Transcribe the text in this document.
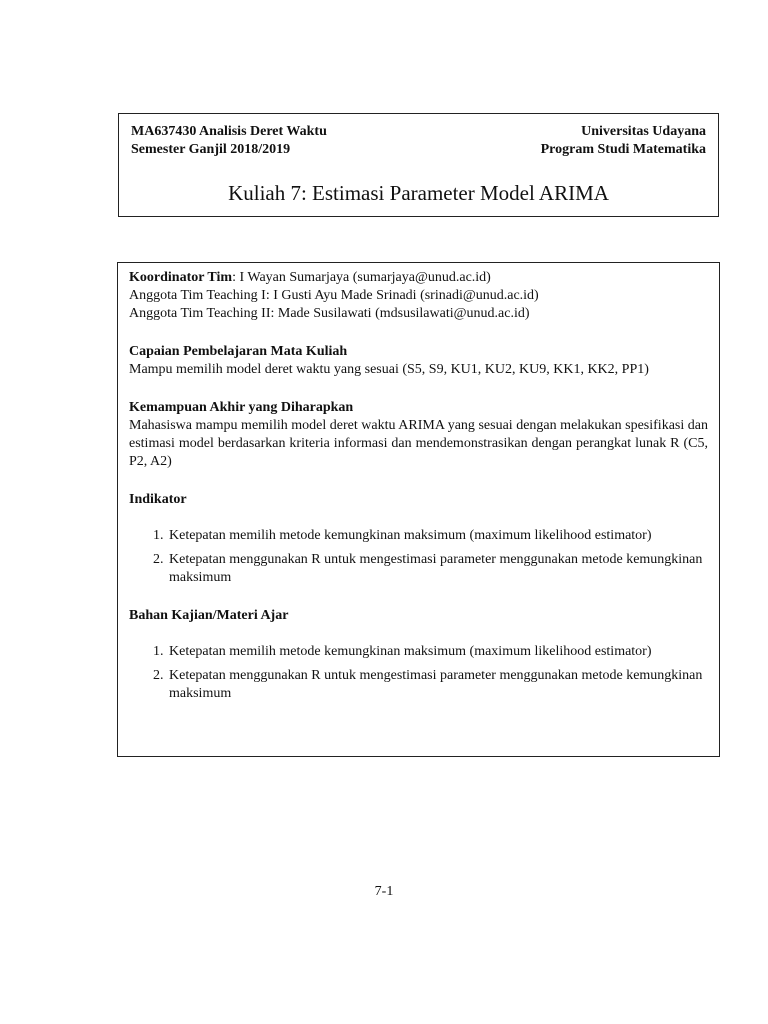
MA637430 Analisis Deret Waktu	Universitas Udayana
Semester Ganjil 2018/2019	Program Studi Matematika
Kuliah 7: Estimasi Parameter Model ARIMA

Koordinator Tim: I Wayan Sumarjaya (sumarjaya@unud.ac.id)

Anggota Tim Teaching I: I Gusti Ayu Made Srinadi (srinadi@unud.ac.id)

Anggota Tim Teaching II: Made Susilawati (mdsusilawati@unud.ac.id)

Capaian Pembelajaran Mata Kuliah

Mampu memilih model deret waktu yang sesuai (S5, S9, KU1, KU2, KU9, KK1, KK2, PP1)

Kemampuan Akhir yang Diharapkan

Mahasiswa mampu memilih model deret waktu ARIMA yang sesuai dengan melakukan spesifikasi dan estimasi model berdasarkan kriteria informasi dan mendemonstrasikan dengan perangkat lunak R (C5, P2, A2)

Indikator

1. Ketepatan memilih metode kemungkinan maksimum (maximum likelihood estimator)
2. Ketepatan menggunakan R untuk mengestimasi parameter menggunakan metode kemungkinan maksimum

Bahan Kajian/Materi Ajar

1. Ketepatan memilih metode kemungkinan maksimum (maximum likelihood estimator)
2. Ketepatan menggunakan R untuk mengestimasi parameter menggunakan metode kemungkinan maksimum
7-1
